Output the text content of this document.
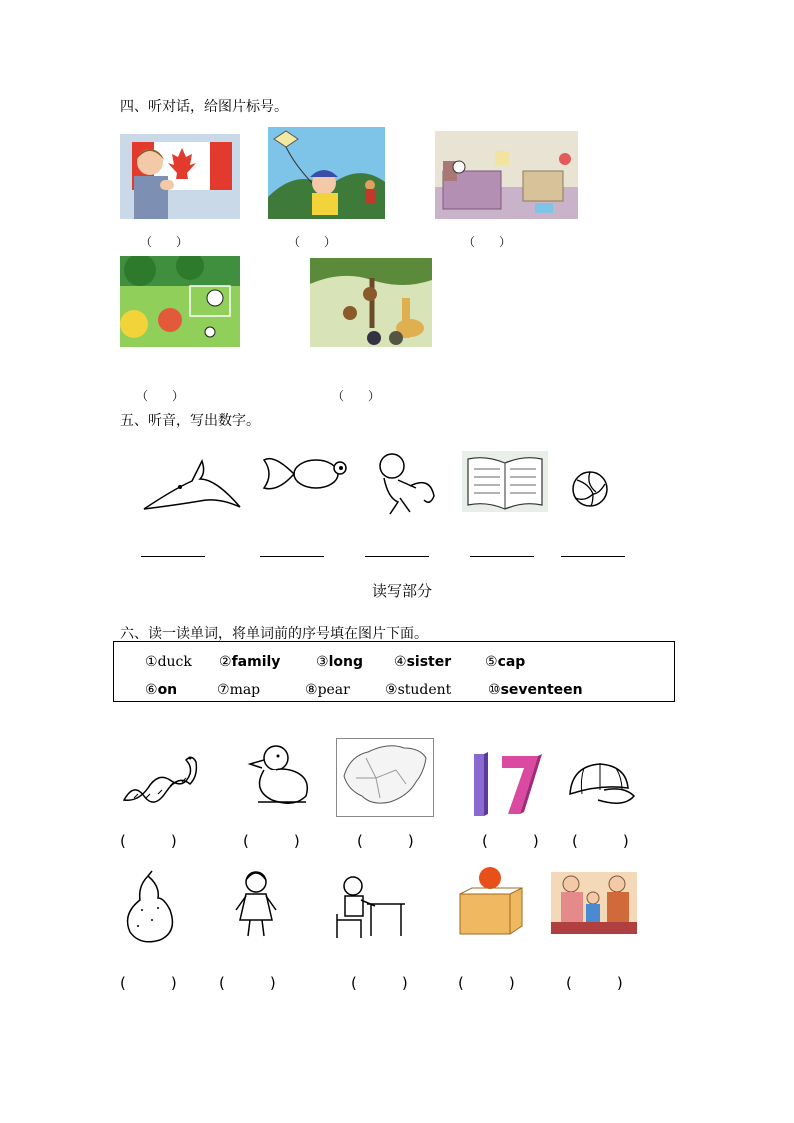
四、听对话，给图片标号。
（　　）	（　　）	（　　）
（　　）	（　　）
五、听音，写出数字。
读写部分
六、读一读单词，将单词前的序号填在图片下面。
①duck ②family	③long ④sister ⑤cap
⑥on	⑦map	⑧pear	⑨student	⑩seventeen
(　　　)	(　　　)	(　　　)	(　　　) (　　　)
(　　　)	(　　　)	(　　　)	(　　　)	(　　　)
